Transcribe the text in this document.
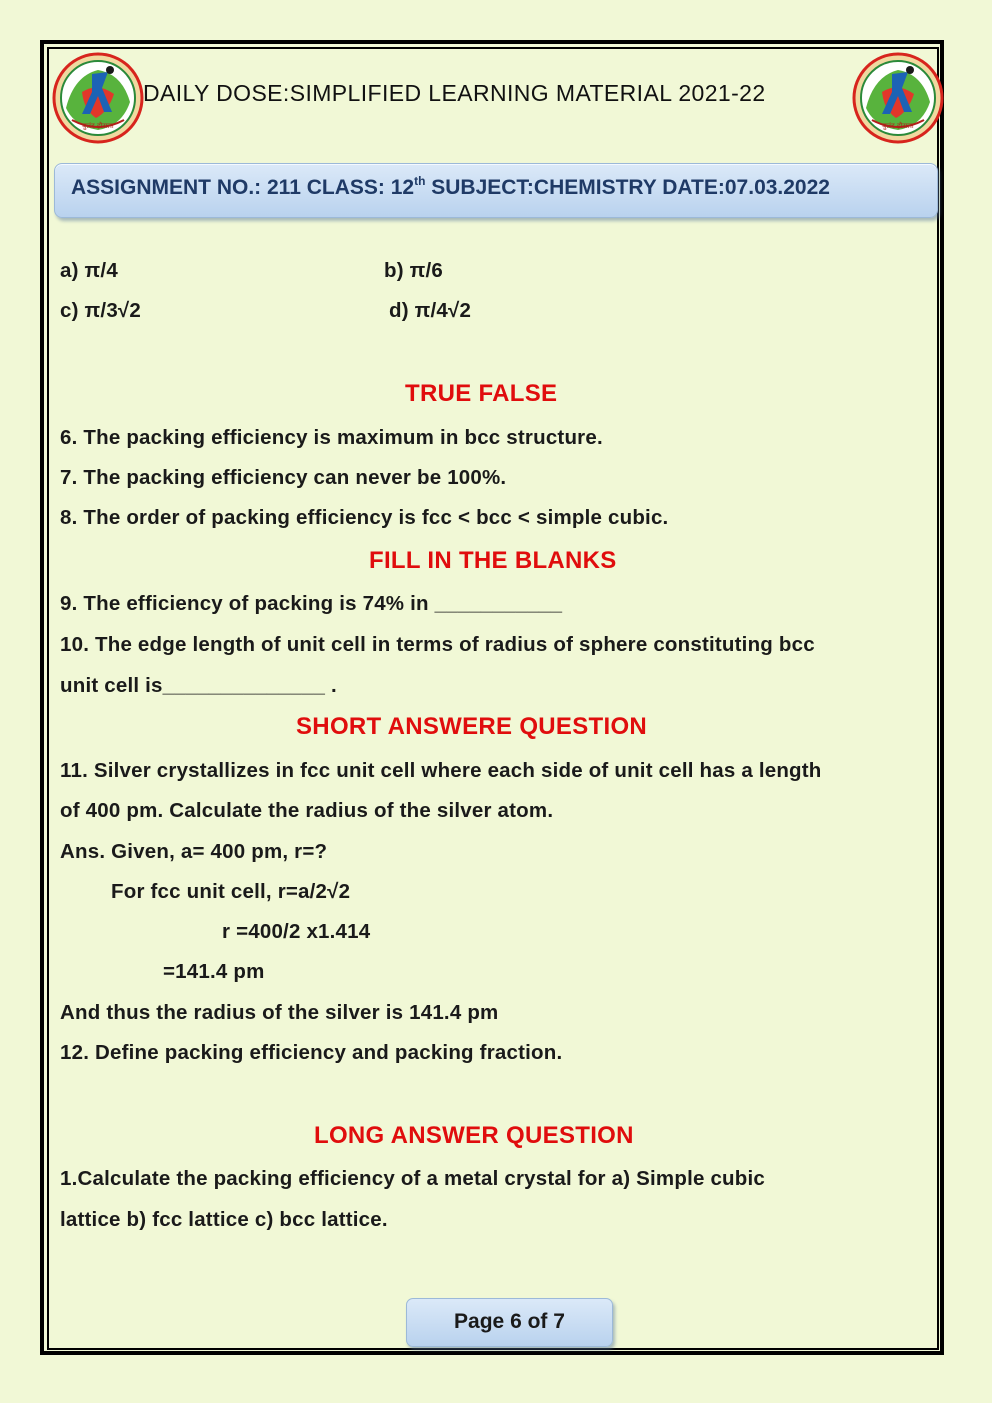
बुलंद हौसला	बुलंद हौसला
DAILY DOSE:SIMPLIFIED LEARNING MATERIAL 2021-22
ASSIGNMENT NO.: 211 CLASS: 12th SUBJECT:CHEMISTRY DATE:07.03.2022
a) π/4	b) π/6
c) π/3√2	d) π/4√2
TRUE FALSE
6. The packing efficiency is maximum in bcc structure.
7. The packing efficiency can never be 100%.
8. The order of packing efficiency is fcc < bcc < simple cubic.
FILL IN THE BLANKS
9. The efficiency of packing is 74% in ___________
10. The edge length of unit cell in terms of radius of sphere constituting bcc
unit cell is______________ .
SHORT ANSWERE QUESTION
11. Silver crystallizes in fcc unit cell where each side of unit cell has a length
of 400 pm. Calculate the radius of the silver atom.
Ans. Given, a= 400 pm, r=?
For fcc unit cell, r=a/2√2
r =400/2 x1.414
=141.4 pm
And thus the radius of the silver is 141.4 pm
12. Define packing efficiency and packing fraction.
LONG ANSWER QUESTION
1.Calculate the packing efficiency of a metal crystal for a) Simple cubic
lattice b) fcc lattice c) bcc lattice.
Page 6 of 7
